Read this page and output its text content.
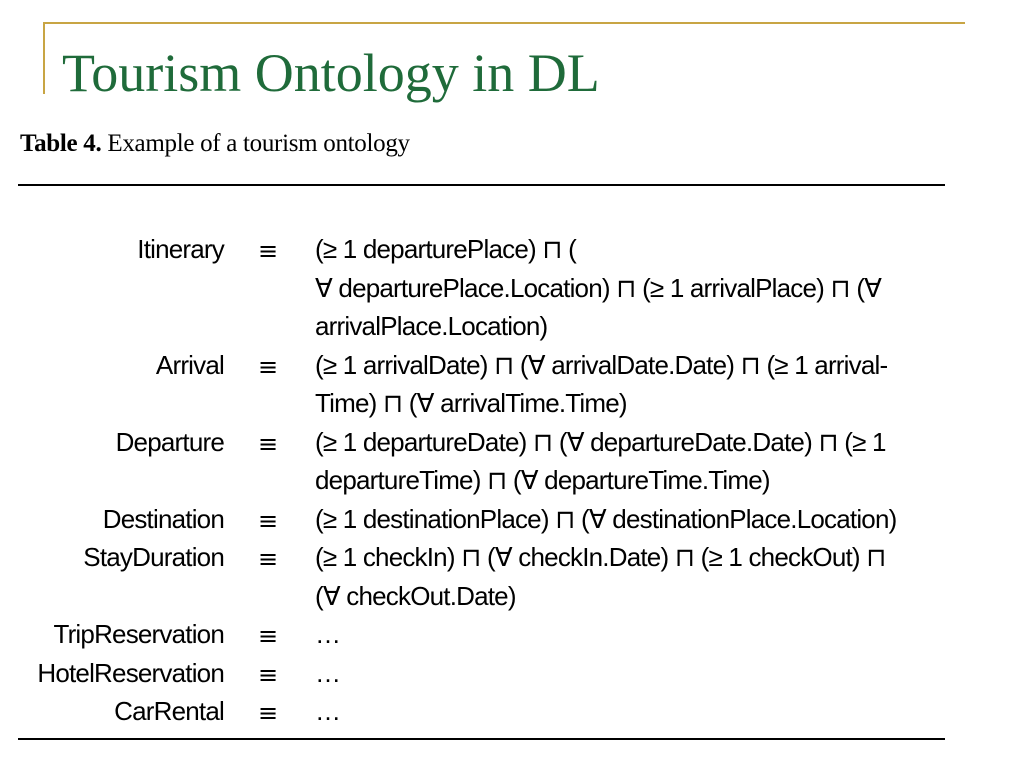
Tourism Ontology in DL
Table 4. Example of a tourism ontology
Itinerary ≡ (≥ 1 departurePlace) ⊓ (
∀ departurePlace.Location) ⊓ (≥ 1 arrivalPlace) ⊓ (∀
arrivalPlace.Location)
Arrival ≡ (≥ 1 arrivalDate) ⊓ (∀ arrivalDate.Date) ⊓ (≥ 1 arrival-
Time) ⊓ (∀ arrivalTime.Time)
Departure ≡ (≥ 1 departureDate) ⊓ (∀ departureDate.Date) ⊓ (≥ 1
departureTime) ⊓ (∀ departureTime.Time)
Destination ≡ (≥ 1 destinationPlace) ⊓ (∀ destinationPlace.Location)
StayDuration ≡ (≥ 1 checkIn) ⊓ (∀ checkIn.Date) ⊓ (≥ 1 checkOut) ⊓
(∀ checkOut.Date)
TripReservation ≡ …
HotelReservation ≡ …
CarRental ≡ …
